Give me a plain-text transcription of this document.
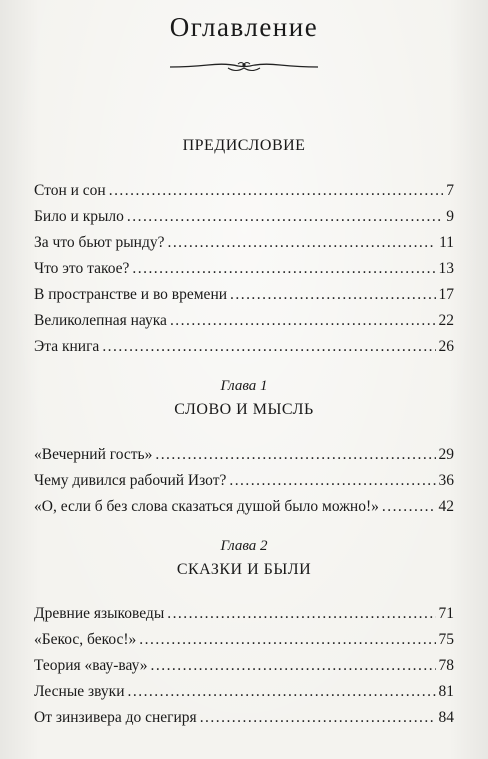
Оглавление
ПРЕДИСЛОВИЕ
Стон и сон . . .	7
Било и крыло . . .	9
За что бьют рынду? . . .	11
Что это такое? . . .	13
В пространстве и во времени . . .	17
Великолепная наука . . .	22
Эта книга . . .	26
Глава 1
СЛОВО И МЫСЛЬ
«Вечерний гость» . . .	29
Чему дивился рабочий Изот? . . .	36
«О, если б без слова сказаться душой было можно!» . . .	42
Глава 2
СКАЗКИ И БЫЛИ
Древние языковеды . . .	71
«Бекос, бекос!» . . .	75
Теория «вау-вау» . . .	78
Лесные звуки . . .	81
От зинзивера до снегиря . . .	84
